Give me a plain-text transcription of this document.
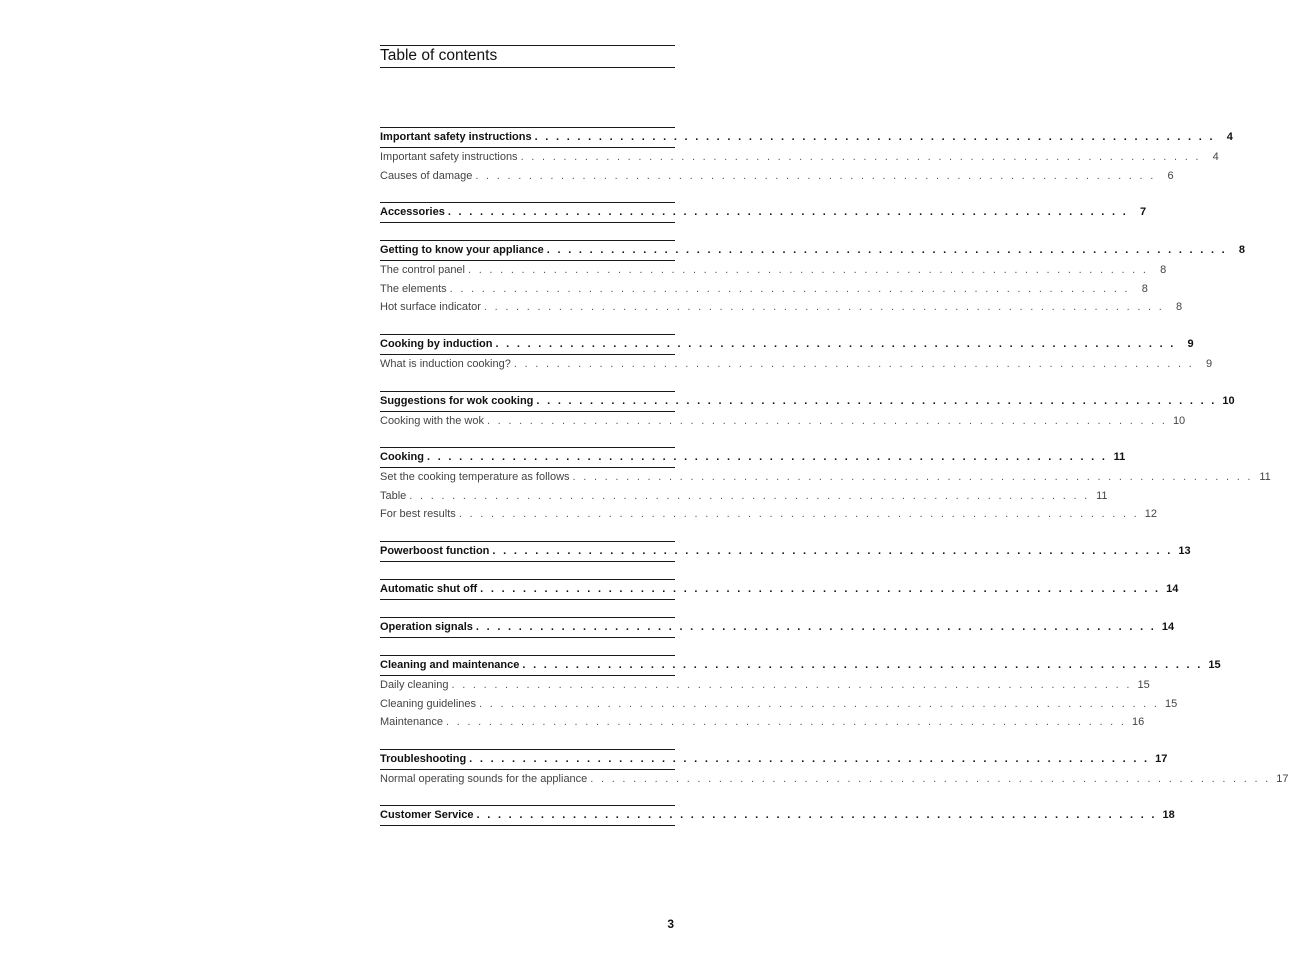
Table of contents
Important safety instructions . . . . . . . . . . . . . . . . . . . . . . . . . . . . . . . . . . . . . . . . . . . . . . . . . . . . . . . . . . . . . . . .	4
Important safety instructions . . . . . . . . . . . . . . . . . . . . . . . . . . . . . . . . . . . . . . . . . . . . . . . . . . . . . . . . . . . . . . . .	4
Causes of damage . . . . . . . . . . . . . . . . . . . . . . . . . . . . . . . . . . . . . . . . . . . . . . . . . . . . . . . . . . . . . . . .	6
Accessories . . . . . . . . . . . . . . . . . . . . . . . . . . . . . . . . . . . . . . . . . . . . . . . . . . . . . . . . . . . . . . . .	7
Getting to know your appliance . . . . . . . . . . . . . . . . . . . . . . . . . . . . . . . . . . . . . . . . . . . . . . . . . . . . . . . . . . . . . . . .	8
The control panel . . . . . . . . . . . . . . . . . . . . . . . . . . . . . . . . . . . . . . . . . . . . . . . . . . . . . . . . . . . . . . . .	8
The elements . . . . . . . . . . . . . . . . . . . . . . . . . . . . . . . . . . . . . . . . . . . . . . . . . . . . . . . . . . . . . . . .	8
Hot surface indicator . . . . . . . . . . . . . . . . . . . . . . . . . . . . . . . . . . . . . . . . . . . . . . . . . . . . . . . . . . . . . . . .	8
Cooking by induction . . . . . . . . . . . . . . . . . . . . . . . . . . . . . . . . . . . . . . . . . . . . . . . . . . . . . . . . . . . . . . . .	9
What is induction cooking? . . . . . . . . . . . . . . . . . . . . . . . . . . . . . . . . . . . . . . . . . . . . . . . . . . . . . . . . . . . . . . . .	9
Suggestions for wok cooking . . . . . . . . . . . . . . . . . . . . . . . . . . . . . . . . . . . . . . . . . . . . . . . . . . . . . . . . . . . . . . . . 10
Cooking with the wok . . . . . . . . . . . . . . . . . . . . . . . . . . . . . . . . . . . . . . . . . . . . . . . . . . . . . . . . . . . . . . . . 10
Cooking . . . . . . . . . . . . . . . . . . . . . . . . . . . . . . . . . . . . . . . . . . . . . . . . . . . . . . . . . . . . . . . . 11
Set the cooking temperature as follows . . . . . . . . . . . . . . . . . . . . . . . . . . . . . . . . . . . . . . . . . . . . . . . . . . . . . . . . . . . . . . . . 11
Table . . . . . . . . . . . . . . . . . . . . . . . . . . . . . . . . . . . . . . . . . . . . . . . . . . . . . . . . . . . . . . . . 11
For best results . . . . . . . . . . . . . . . . . . . . . . . . . . . . . . . . . . . . . . . . . . . . . . . . . . . . . . . . . . . . . . . . 12
Powerboost function . . . . . . . . . . . . . . . . . . . . . . . . . . . . . . . . . . . . . . . . . . . . . . . . . . . . . . . . . . . . . . . . 13
Automatic shut off . . . . . . . . . . . . . . . . . . . . . . . . . . . . . . . . . . . . . . . . . . . . . . . . . . . . . . . . . . . . . . . . 14
Operation signals . . . . . . . . . . . . . . . . . . . . . . . . . . . . . . . . . . . . . . . . . . . . . . . . . . . . . . . . . . . . . . . . 14
Cleaning and maintenance . . . . . . . . . . . . . . . . . . . . . . . . . . . . . . . . . . . . . . . . . . . . . . . . . . . . . . . . . . . . . . . . 15
Daily cleaning . . . . . . . . . . . . . . . . . . . . . . . . . . . . . . . . . . . . . . . . . . . . . . . . . . . . . . . . . . . . . . . . 15
Cleaning guidelines . . . . . . . . . . . . . . . . . . . . . . . . . . . . . . . . . . . . . . . . . . . . . . . . . . . . . . . . . . . . . . . . 15
Maintenance . . . . . . . . . . . . . . . . . . . . . . . . . . . . . . . . . . . . . . . . . . . . . . . . . . . . . . . . . . . . . . . . 16
Troubleshooting . . . . . . . . . . . . . . . . . . . . . . . . . . . . . . . . . . . . . . . . . . . . . . . . . . . . . . . . . . . . . . . . 17
Normal operating sounds for the appliance . . . . . . . . . . . . . . . . . . . . . . . . . . . . . . . . . . . . . . . . . . . . . . . . . . . . . . . . . . . . . . . . 17
Customer Service . . . . . . . . . . . . . . . . . . . . . . . . . . . . . . . . . . . . . . . . . . . . . . . . . . . . . . . . . . . . . . . . 18
3
